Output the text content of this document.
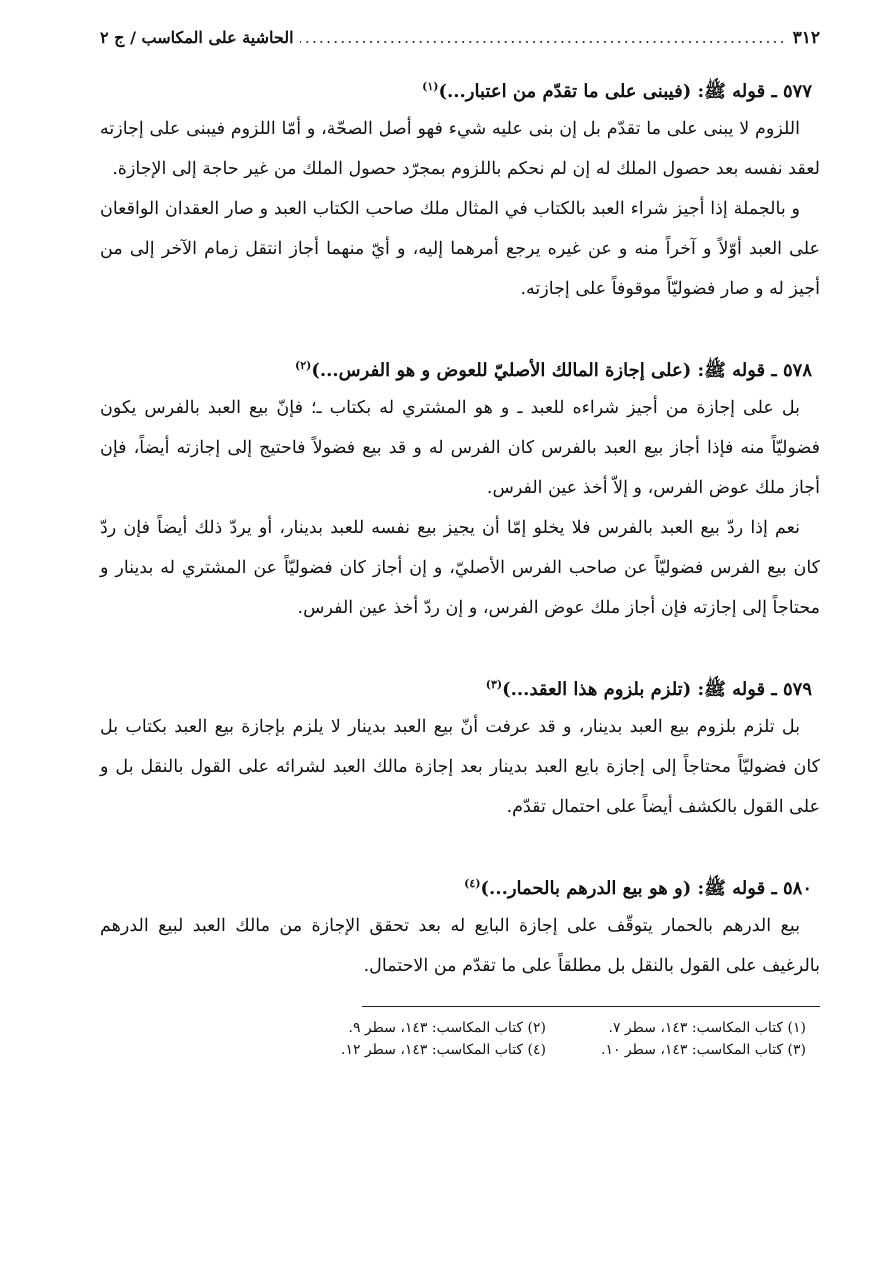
٣١٢
.....
الحاشية على المكاسب / ج ٢
٥٧٧ ـ قوله ﷺ: (فيبنى على ما تقدّم من اعتبار...)$^{(١)}$

اللزوم لا يبنى على ما تقدّم بل إن بنى عليه شيء فهو أصل الصحّة، و أمّا اللزوم فيبنى على إجازته لعقد نفسه بعد حصول الملك له إن لم نحكم باللزوم بمجرّد حصول الملك من غير حاجة إلى الإجازة.

و بالجملة إذا أجيز شراء العبد بالكتاب في المثال ملك صاحب الكتاب العبد و صار العقدان الواقعان على العبد أوّلاً و آخراً منه و عن غيره يرجع أمرهما إليه، و أيّ منهما أجاز انتقل زمام الآخر إلى من أجيز له و صار فضوليّاً موقوفاً على إجازته.

٥٧٨ ـ قوله ﷺ: (على إجازة المالك الأصليّ للعوض و هو الفرس...)$^{(٢)}$

بل على إجازة من أجيز شراءه للعبد ـ و هو المشتري له بكتاب ـ؛ فإنّ بيع العبد بالفرس يكون فضوليّاً منه فإذا أجاز بيع العبد بالفرس كان الفرس له و قد بيع فضولاً فاحتيج إلى إجازته أيضاً، فإن أجاز ملك عوض الفرس، و إلاّ أخذ عين الفرس.

نعم إذا ردّ بيع العبد بالفرس فلا يخلو إمّا أن يجيز بيع نفسه للعبد بدينار، أو يردّ ذلك أيضاً فإن ردّ كان بيع الفرس فضوليّاً عن صاحب الفرس الأصليّ، و إن أجاز كان فضوليّاً عن المشتري له بدينار و محتاجاً إلى إجازته فإن أجاز ملك عوض الفرس، و إن ردّ أخذ عين الفرس.

٥٧٩ ـ قوله ﷺ: (تلزم بلزوم هذا العقد...)$^{(٣)}$

بل تلزم بلزوم بيع العبد بدينار، و قد عرفت أنّ بيع العبد بدينار لا يلزم بإجازة بيع العبد بكتاب بل كان فضوليّاً محتاجاً إلى إجازة بايع العبد بدينار بعد إجازة مالك العبد لشرائه على القول بالنقل بل و على القول بالكشف أيضاً على احتمال تقدّم.

٥٨٠ ـ قوله ﷺ: (و هو بيع الدرهم بالحمار...)$^{(٤)}$

بيع الدرهم بالحمار يتوقّف على إجازة البايع له بعد تحقق الإجازة من مالك العبد لبيع الدرهم بالرغيف على القول بالنقل بل مطلقاً على ما تقدّم من الاحتمال.

(١) كتاب المكاسب: ١٤٣، سطر ٧.
(٢) كتاب المكاسب: ١٤٣، سطر ٩.
(٣) كتاب المكاسب: ١٤٣، سطر ١٠.
(٤) كتاب المكاسب: ١٤٣، سطر ١٢.
